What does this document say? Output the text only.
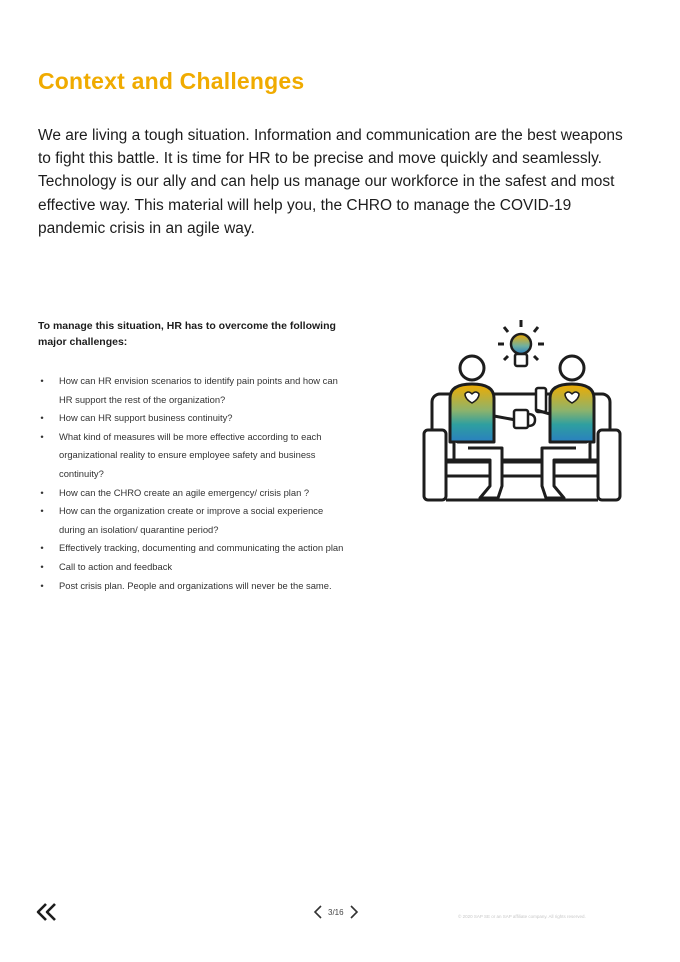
Context and Challenges

We are living a tough situation. Information and communication are the best weapons to fight this battle. It is time for HR to be precise and move quickly and seamlessly. Technology is our ally and can help us manage our workforce in the safest and most effective way. This material will help you, the CHRO to manage the COVID-19 pandemic crisis in an agile way.

To manage this situation, HR has to overcome the following major challenges:

• How can HR envision scenarios to identify pain points and how can HR support the rest of the organization?
• How can HR support business continuity?
• What kind of measures will be more effective according to each organizational reality to ensure employee safety and business continuity?
• How can the CHRO create an agile emergency/ crisis plan ?
• How can the organization create or improve a social experience during an isolation/ quarantine period?
• Effectively tracking, documenting and communicating the action plan
• Call to action and feedback
• Post crisis plan. People and organizations will never be the same.
3/16	© 2020 SAP SE or an SAP affiliate company. All rights reserved.
